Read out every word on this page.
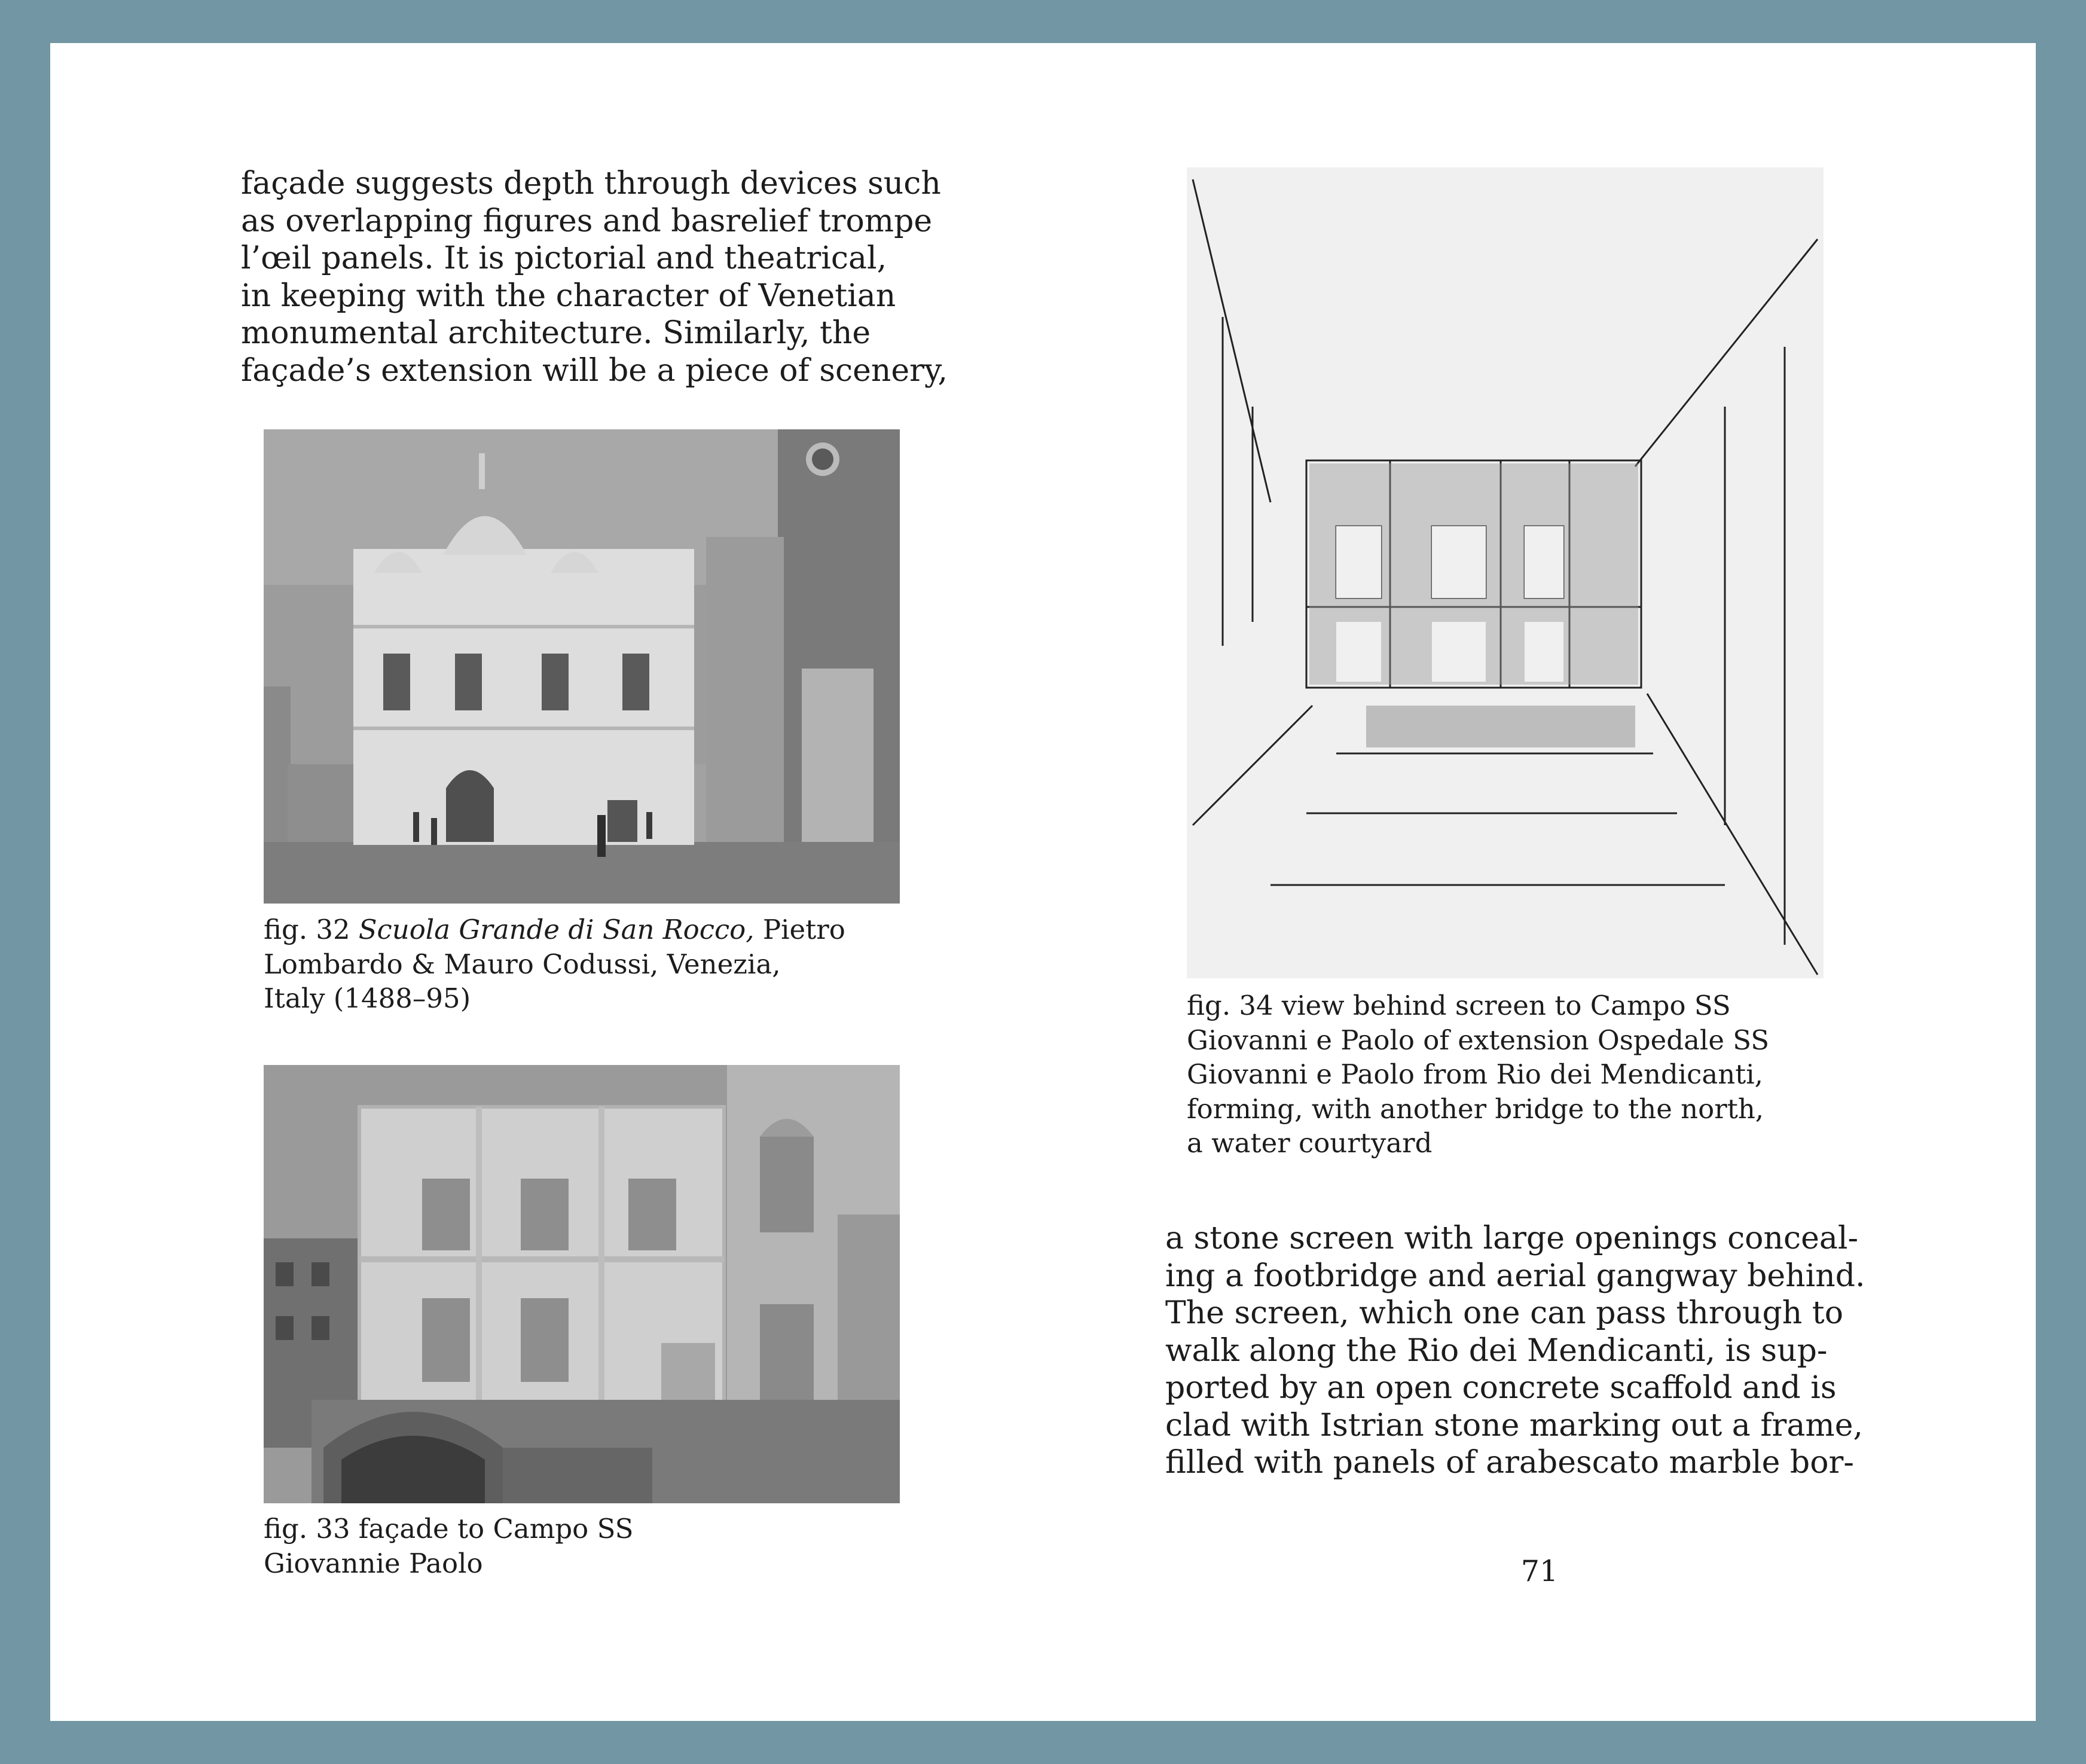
façade suggests depth through devices such
as overlapping figures and basrelief trompe
l’œil panels. It is pictorial and theatrical,
in keeping with the character of Venetian
monumental architecture. Similarly, the
façade’s extension will be a piece of scenery,

fig. 32 Scuola Grande di San Rocco, Pietro
Lombardo & Mauro Codussi, Venezia,
Italy (1488–95)

fig. 33 façade to Campo SS
Giovannie Paolo

fig. 34 view behind screen to Campo SS
Giovanni e Paolo of extension Ospedale SS
Giovanni e Paolo from Rio dei Mendicanti,
forming, with another bridge to the north,
a water courtyard

a stone screen with large openings conceal-
ing a footbridge and aerial gangway behind.
The screen, which one can pass through to
walk along the Rio dei Mendicanti, is sup-
ported by an open concrete scaffold and is
clad with Istrian stone marking out a frame,
filled with panels of arabescato marble bor-

71
